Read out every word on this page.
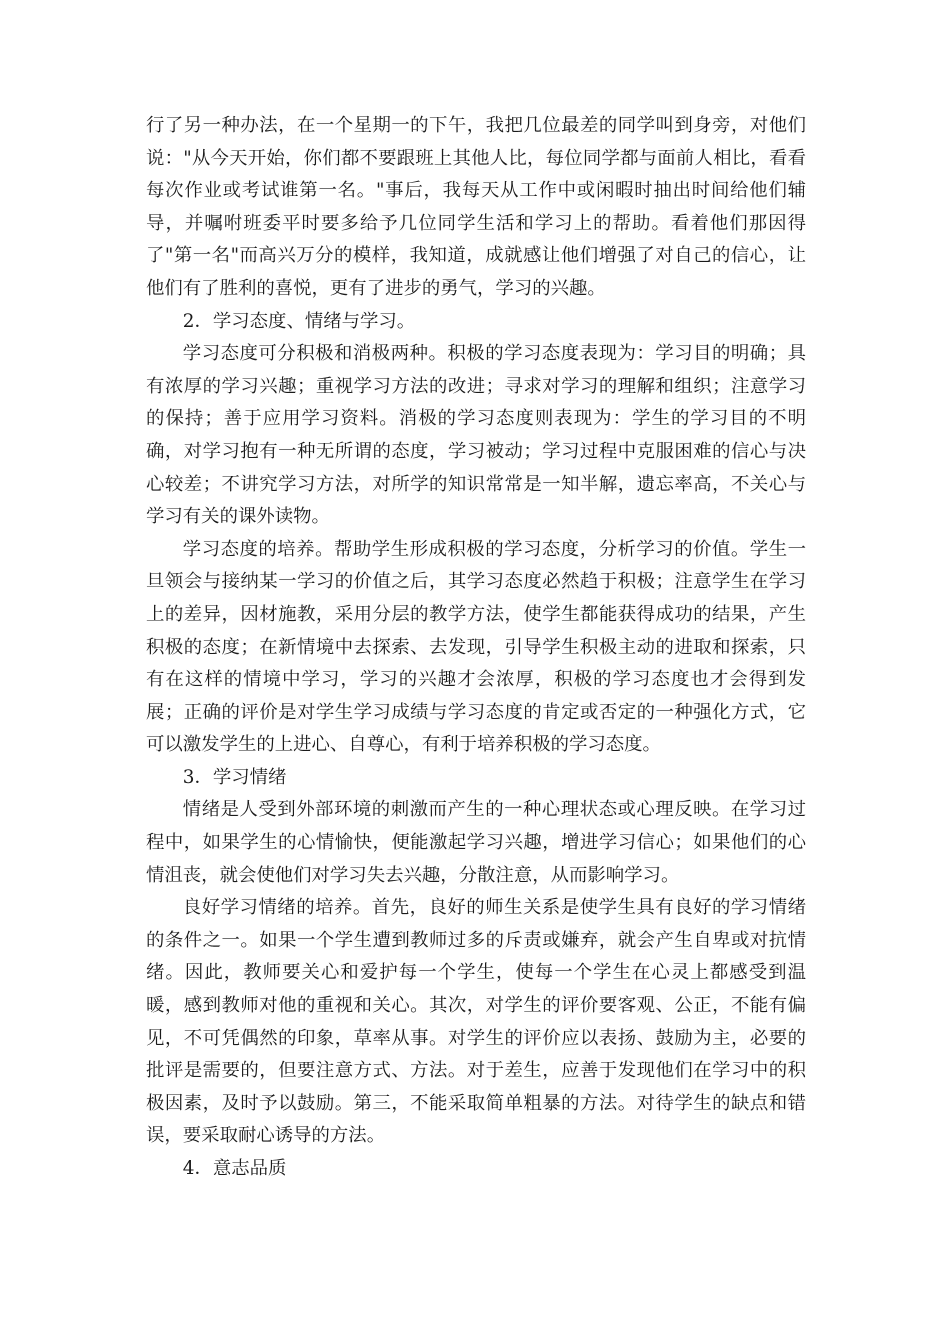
行了另一种办法，在一个星期一的下午，我把几位最差的同学叫到身旁，对他们说："从今天开始，你们都不要跟班上其他人比，每位同学都与面前人相比，看看每次作业或考试谁第一名。"事后，我每天从工作中或闲暇时抽出时间给他们辅导，并嘱咐班委平时要多给予几位同学生活和学习上的帮助。看着他们那因得了"第一名"而高兴万分的模样，我知道，成就感让他们增强了对自己的信心，让他们有了胜利的喜悦，更有了进步的勇气，学习的兴趣。

2．学习态度、情绪与学习。

学习态度可分积极和消极两种。积极的学习态度表现为：学习目的明确；具有浓厚的学习兴趣；重视学习方法的改进；寻求对学习的理解和组织；注意学习的保持；善于应用学习资料。消极的学习态度则表现为：学生的学习目的不明确，对学习抱有一种无所谓的态度，学习被动；学习过程中克服困难的信心与决心较差；不讲究学习方法，对所学的知识常常是一知半解，遗忘率高，不关心与学习有关的课外读物。

学习态度的培养。帮助学生形成积极的学习态度，分析学习的价值。学生一旦领会与接纳某一学习的价值之后，其学习态度必然趋于积极；注意学生在学习上的差异，因材施教，采用分层的教学方法，使学生都能获得成功的结果，产生积极的态度；在新情境中去探索、去发现，引导学生积极主动的进取和探索，只有在这样的情境中学习，学习的兴趣才会浓厚，积极的学习态度也才会得到发展；正确的评价是对学生学习成绩与学习态度的肯定或否定的一种强化方式，它可以激发学生的上进心、自尊心，有利于培养积极的学习态度。

3．学习情绪

情绪是人受到外部环境的刺激而产生的一种心理状态或心理反映。在学习过程中，如果学生的心情愉快，便能激起学习兴趣，增进学习信心；如果他们的心情沮丧，就会使他们对学习失去兴趣，分散注意，从而影响学习。

良好学习情绪的培养。首先，良好的师生关系是使学生具有良好的学习情绪的条件之一。如果一个学生遭到教师过多的斥责或嫌弃，就会产生自卑或对抗情绪。因此，教师要关心和爱护每一个学生，使每一个学生在心灵上都感受到温暖，感到教师对他的重视和关心。其次，对学生的评价要客观、公正，不能有偏见，不可凭偶然的印象，草率从事。对学生的评价应以表扬、鼓励为主，必要的批评是需要的，但要注意方式、方法。对于差生，应善于发现他们在学习中的积极因素，及时予以鼓励。第三，不能采取简单粗暴的方法。对待学生的缺点和错误，要采取耐心诱导的方法。

4．意志品质
